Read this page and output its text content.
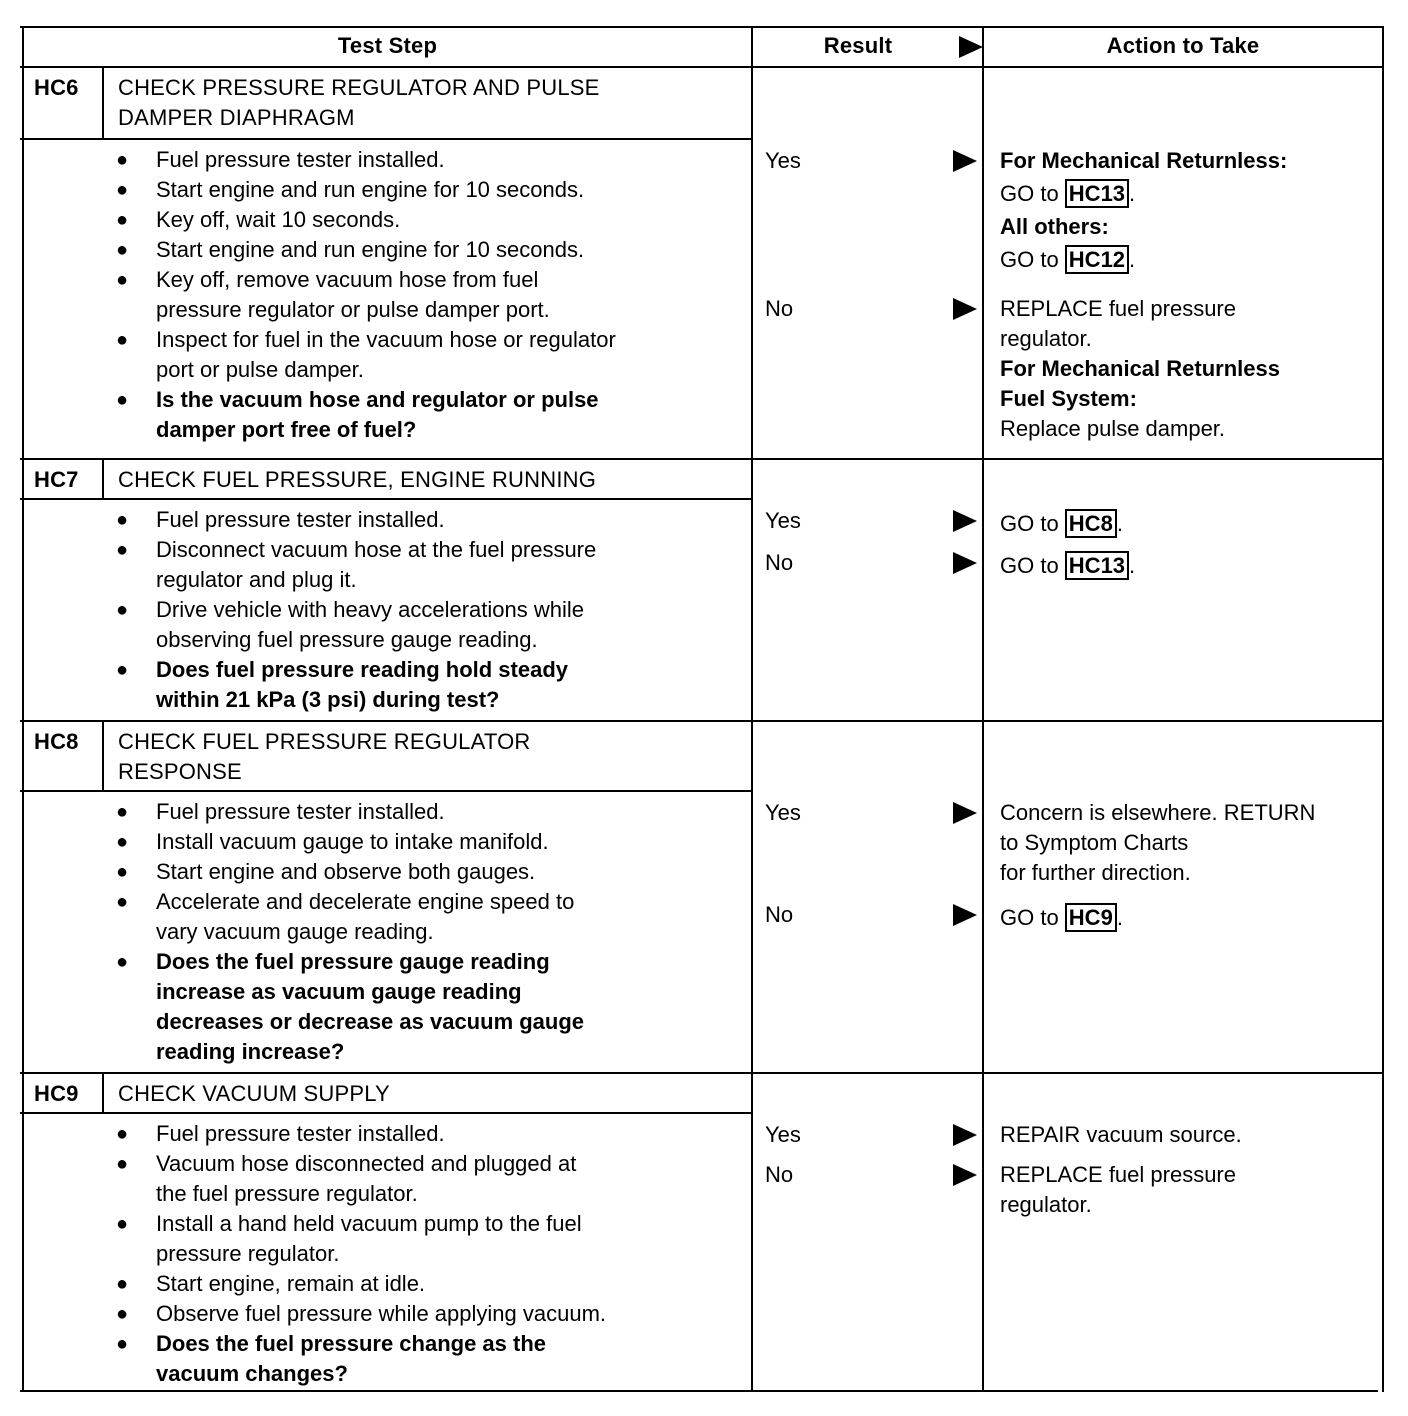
Test Step	Result	Action to Take
HC6 CHECK PRESSURE REGULATOR AND PULSE
DAMPER DIAPHRAGM
● Fuel pressure tester installed.
● Start engine and run engine for 10 seconds.
● Key off, wait 10 seconds.
● Start engine and run engine for 10 seconds.
● Key off, remove vacuum hose from fuel
pressure regulator or pulse damper port.
● Inspect for fuel in the vacuum hose or regulator
port or pulse damper.
● Is the vacuum hose and regulator or pulse
damper port free of fuel?
Yes	For Mechanical Returnless:
GO to HC13 .
All others:
GO to HC12 .
No	REPLACE fuel pressure
regulator.
For Mechanical Returnless
Fuel System:
Replace pulse damper.
HC7 CHECK FUEL PRESSURE, ENGINE RUNNING
● Fuel pressure tester installed.
● Disconnect vacuum hose at the fuel pressure
regulator and plug it.
● Drive vehicle with heavy accelerations while
observing fuel pressure gauge reading.
● Does fuel pressure reading hold steady
within 21 kPa (3 psi) during test?
Yes	GO to HC8 .
No	GO to HC13 .
HC8 CHECK FUEL PRESSURE REGULATOR
RESPONSE
● Fuel pressure tester installed.
● Install vacuum gauge to intake manifold.
● Start engine and observe both gauges.
● Accelerate and decelerate engine speed to
vary vacuum gauge reading.
● Does the fuel pressure gauge reading
increase as vacuum gauge reading
decreases or decrease as vacuum gauge
reading increase?
Yes	Concern is elsewhere. RETURN
to Symptom Charts
for further direction.
No	GO to HC9 .
HC9 CHECK VACUUM SUPPLY
● Fuel pressure tester installed.
● Vacuum hose disconnected and plugged at
the fuel pressure regulator.
● Install a hand held vacuum pump to the fuel
pressure regulator.
● Start engine, remain at idle.
● Observe fuel pressure while applying vacuum.
● Does the fuel pressure change as the
vacuum changes?
Yes	REPAIR vacuum source.
No	REPLACE fuel pressure
regulator.
